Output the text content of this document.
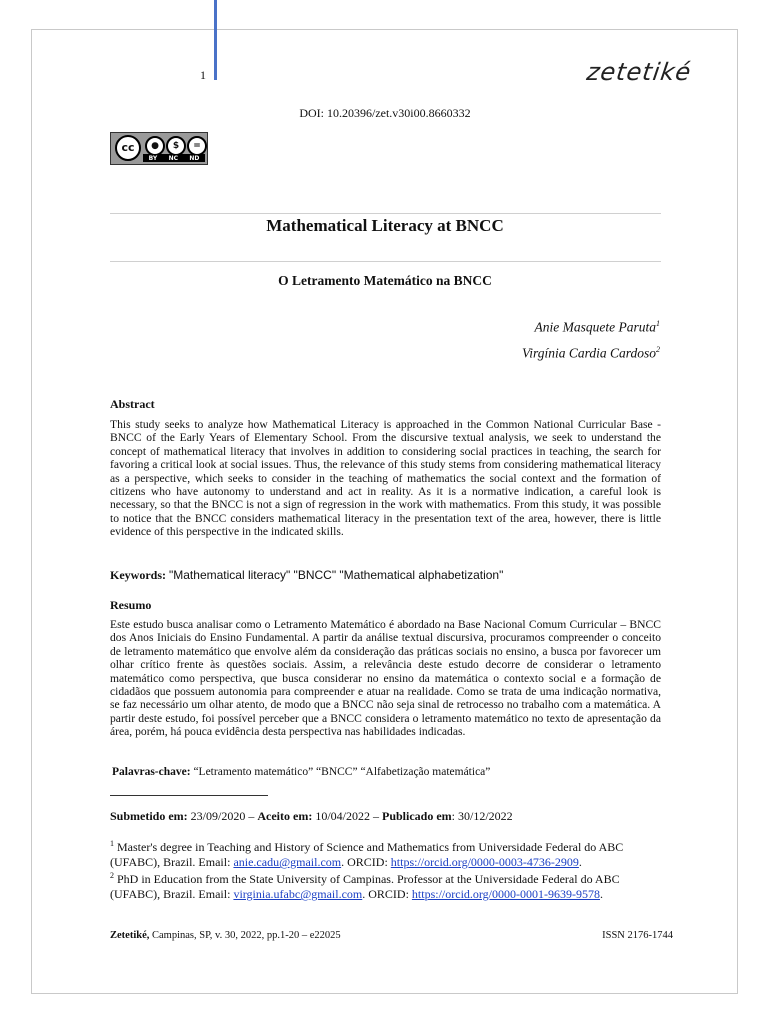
1	zetetiké
DOI: 10.20396/zet.v30i00.8660332
cc	●	$	=
BY NC ND
Mathematical Literacy at BNCC
O Letramento Matemático na BNCC
Anie Masquete Paruta$^1$
Virgínia Cardia Cardoso$^2$
Abstract
This study seeks to analyze how Mathematical Literacy is approached in the Common National Curricular Base - BNCC of the Early Years of Elementary School. From the discursive textual analysis, we seek to understand the concept of mathematical literacy that involves in addition to considering social practices in teaching, the search for favoring a critical look at social issues. Thus, the relevance of this study stems from considering mathematical literacy as a perspective, which seeks to consider in the teaching of mathematics the social context and the formation of citizens who have autonomy to understand and act in reality. As it is a normative indication, a careful look is necessary, so that the BNCC is not a sign of regression in the work with mathematics. From this study, it was possible to notice that the BNCC considers mathematical literacy in the presentation text of the area, however, there is little evidence of this perspective in the indicated skills.
Keywords: "Mathematical literacy" "BNCC" "Mathematical alphabetization"
Resumo
Este estudo busca analisar como o Letramento Matemático é abordado na Base Nacional Comum Curricular – BNCC dos Anos Iniciais do Ensino Fundamental. A partir da análise textual discursiva, procuramos compreender o conceito de letramento matemático que envolve além da consideração das práticas sociais no ensino, a busca por favorecer um olhar crítico frente às questões sociais. Assim, a relevância deste estudo decorre de considerar o letramento matemático como perspectiva, que busca considerar no ensino da matemática o contexto social e a formação de cidadãos que possuem autonomia para compreender e atuar na realidade. Como se trata de uma indicação normativa, se faz necessário um olhar atento, de modo que a BNCC não seja sinal de retrocesso no trabalho com a matemática. A partir deste estudo, foi possível perceber que a BNCC considera o letramento matemático no texto de apresentação da área, porém, há pouca evidência desta perspectiva nas habilidades indicadas.
Palavras-chave: “Letramento matemático” “BNCC” “Alfabetização matemática”
Submetido em: 23/09/2020 – Aceito em: 10/04/2022 – Publicado em: 30/12/2022
$^1$ Master's degree in Teaching and History of Science and Mathematics from Universidade Federal do ABC (UFABC), Brazil. Email: anie.cadu@gmail.com. ORCID: https://orcid.org/0000-0003-4736-2909.
$^2$ PhD in Education from the State University of Campinas. Professor at the Universidade Federal do ABC (UFABC), Brazil. Email: virginia.ufabc@gmail.com. ORCID: https://orcid.org/0000-0001-9639-9578.
Zetetiké, Campinas, SP, v. 30, 2022, pp.1-20 – e22025	ISSN 2176-1744
